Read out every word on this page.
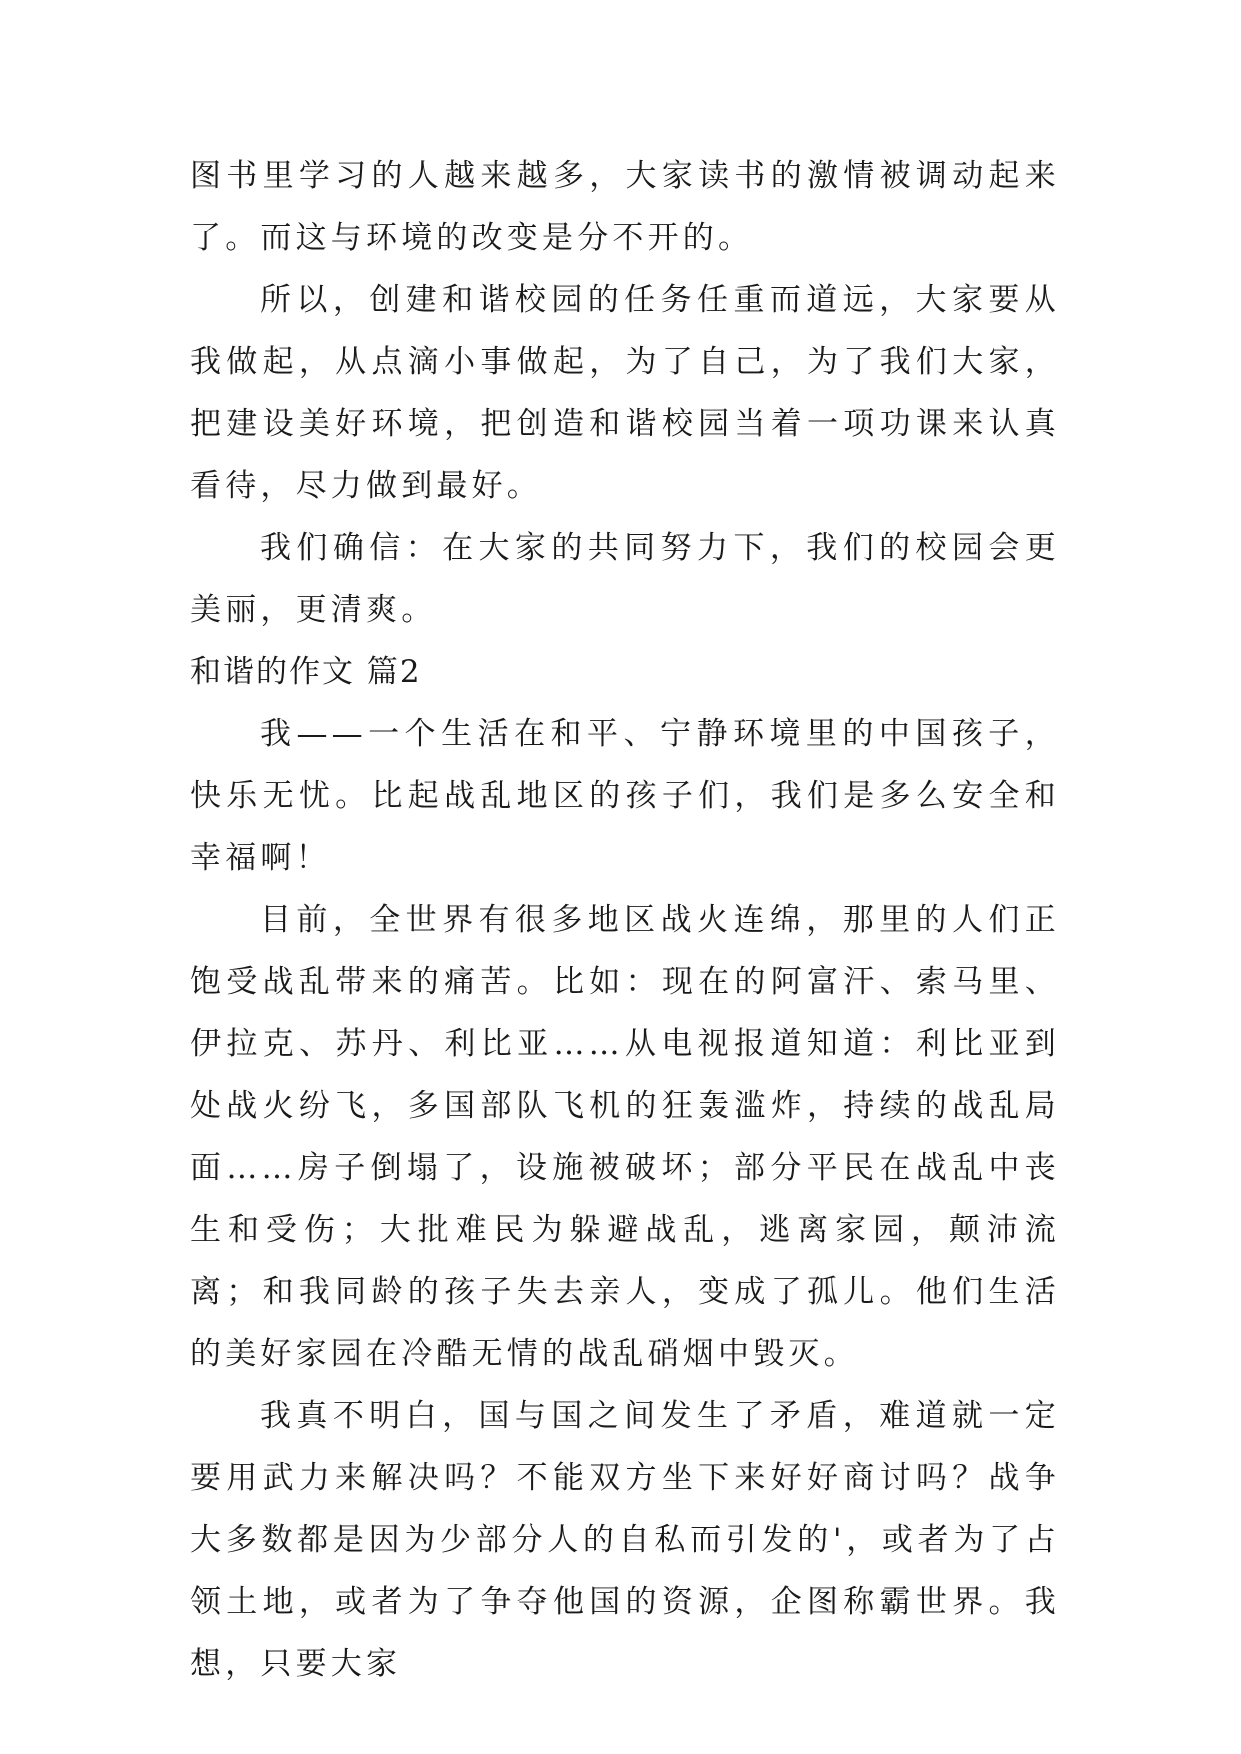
图书里学习的人越来越多，大家读书的激情被调动起来了。而这与环境的改变是分不开的。

所以，创建和谐校园的任务任重而道远，大家要从我做起，从点滴小事做起，为了自己，为了我们大家，把建设美好环境，把创造和谐校园当着一项功课来认真看待，尽力做到最好。

我们确信：在大家的共同努力下，我们的校园会更美丽，更清爽。

和谐的作文 篇2

我——一个生活在和平、宁静环境里的中国孩子，快乐无忧。比起战乱地区的孩子们，我们是多么安全和幸福啊！

目前，全世界有很多地区战火连绵，那里的人们正饱受战乱带来的痛苦。比如：现在的阿富汗、索马里、伊拉克、苏丹、利比亚……从电视报道知道：利比亚到处战火纷飞，多国部队飞机的狂轰滥炸，持续的战乱局面……房子倒塌了，设施被破坏；部分平民在战乱中丧生和受伤；大批难民为躲避战乱，逃离家园，颠沛流离；和我同龄的孩子失去亲人，变成了孤儿。他们生活的美好家园在冷酷无情的战乱硝烟中毁灭。

我真不明白，国与国之间发生了矛盾，难道就一定要用武力来解决吗？不能双方坐下来好好商讨吗？战争大多数都是因为少部分人的自私而引发的'，或者为了占领土地，或者为了争夺他国的资源，企图称霸世界。我想，只要大家
